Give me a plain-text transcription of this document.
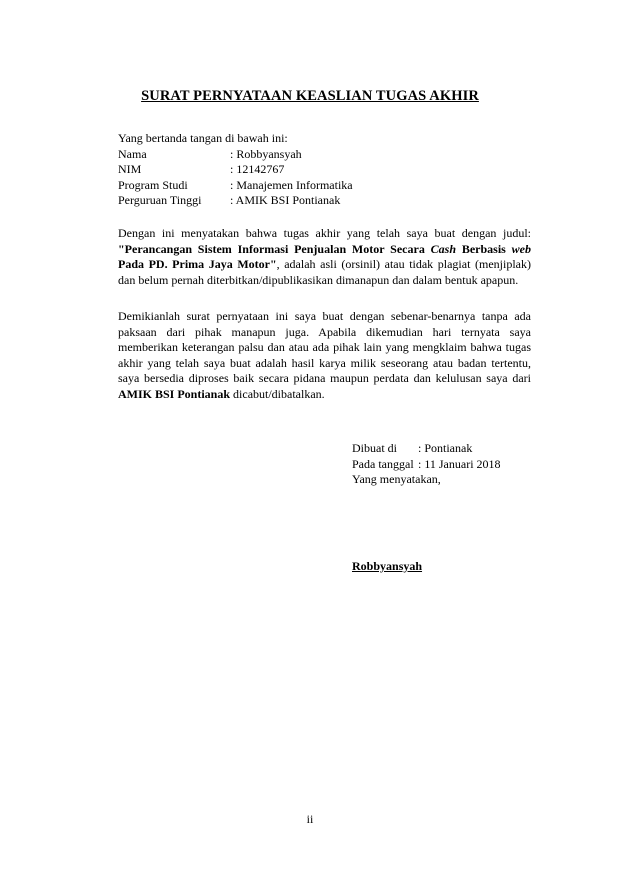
SURAT PERNYATAAN KEASLIAN TUGAS AKHIR
Yang bertanda tangan di bawah ini:
Nama	: Robbyansyah
NIM	: 12142767
Program Studi	: Manajemen Informatika
Perguruan Tinggi	: AMIK BSI Pontianak
Dengan ini menyatakan bahwa tugas akhir yang telah saya buat dengan judul: "Perancangan Sistem Informasi Penjualan Motor Secara Cash Berbasis web Pada PD. Prima Jaya Motor", adalah asli (orsinil) atau tidak plagiat (menjiplak) dan belum pernah diterbitkan/dipublikasikan dimanapun dan dalam bentuk apapun.
Demikianlah surat pernyataan ini saya buat dengan sebenar-benarnya tanpa ada paksaan dari pihak manapun juga. Apabila dikemudian hari ternyata saya memberikan keterangan palsu dan atau ada pihak lain yang mengklaim bahwa tugas akhir yang telah saya buat adalah hasil karya milik seseorang atau badan tertentu, saya bersedia diproses baik secara pidana maupun perdata dan kelulusan saya dari AMIK BSI Pontianak dicabut/dibatalkan.
Dibuat di	: Pontianak
Pada tanggal : 11 Januari 2018
Yang menyatakan,
Robbyansyah
ii
